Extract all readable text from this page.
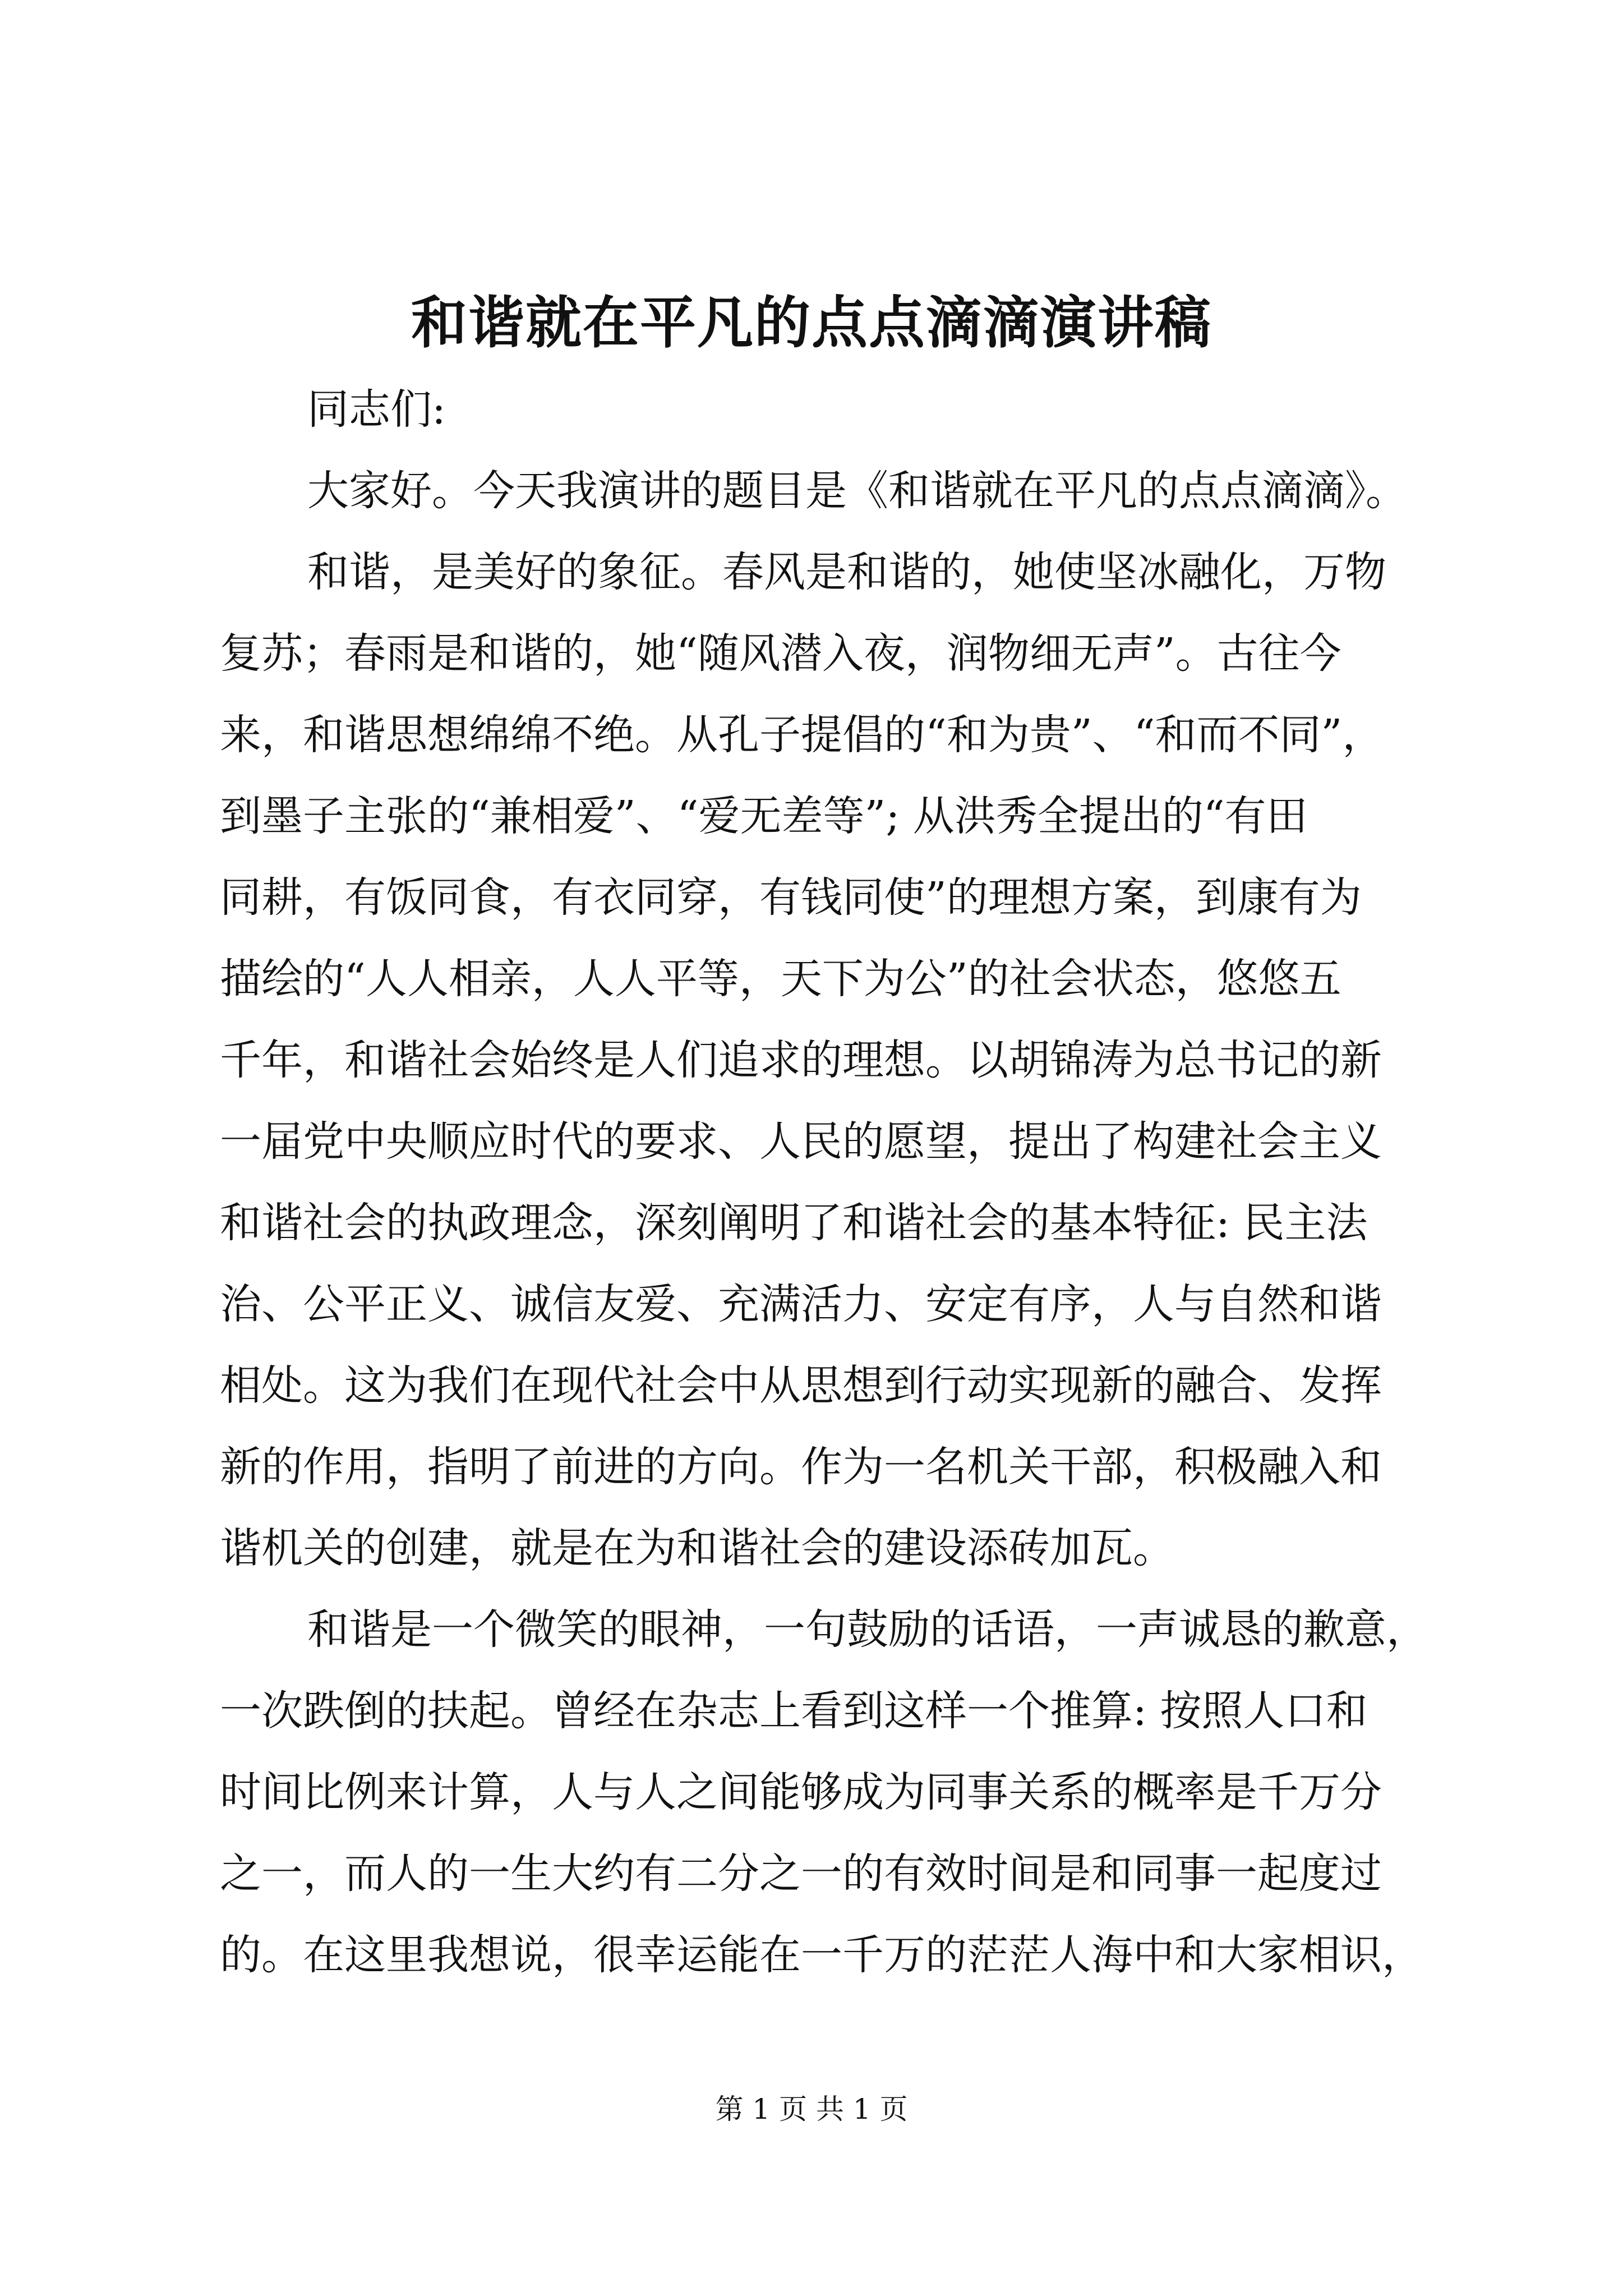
和谐就在平凡的点点滴滴演讲稿
同志们:
大家好。今天我演讲的题目是《和谐就在平凡的点点滴滴》。
和谐，是美好的象征。春风是和谐的，她使坚冰融化，万物
复苏；春雨是和谐的，她“随风潜入夜，润物细无声”。古往今
来，和谐思想绵绵不绝。从孔子提倡的“和为贵”、“和而不同”，
到墨子主张的“兼相爱”、“爱无差等”; 从洪秀全提出的“有田
同耕，有饭同食，有衣同穿，有钱同使”的理想方案，到康有为
描绘的“人人相亲，人人平等，天下为公”的社会状态，悠悠五
千年，和谐社会始终是人们追求的理想。以胡锦涛为总书记的新
一届党中央顺应时代的要求、人民的愿望，提出了构建社会主义
和谐社会的执政理念，深刻阐明了和谐社会的基本特征: 民主法
治、公平正义、诚信友爱、充满活力、安定有序，人与自然和谐
相处。这为我们在现代社会中从思想到行动实现新的融合、发挥
新的作用，指明了前进的方向。作为一名机关干部，积极融入和
谐机关的创建，就是在为和谐社会的建设添砖加瓦。
和谐是一个微笑的眼神，一句鼓励的话语，一声诚恳的歉意，
一次跌倒的扶起。曾经在杂志上看到这样一个推算: 按照人口和
时间比例来计算，人与人之间能够成为同事关系的概率是千万分
之一，而人的一生大约有二分之一的有效时间是和同事一起度过
的。在这里我想说，很幸运能在一千万的茫茫人海中和大家相识，
第 1 页 共 1 页
